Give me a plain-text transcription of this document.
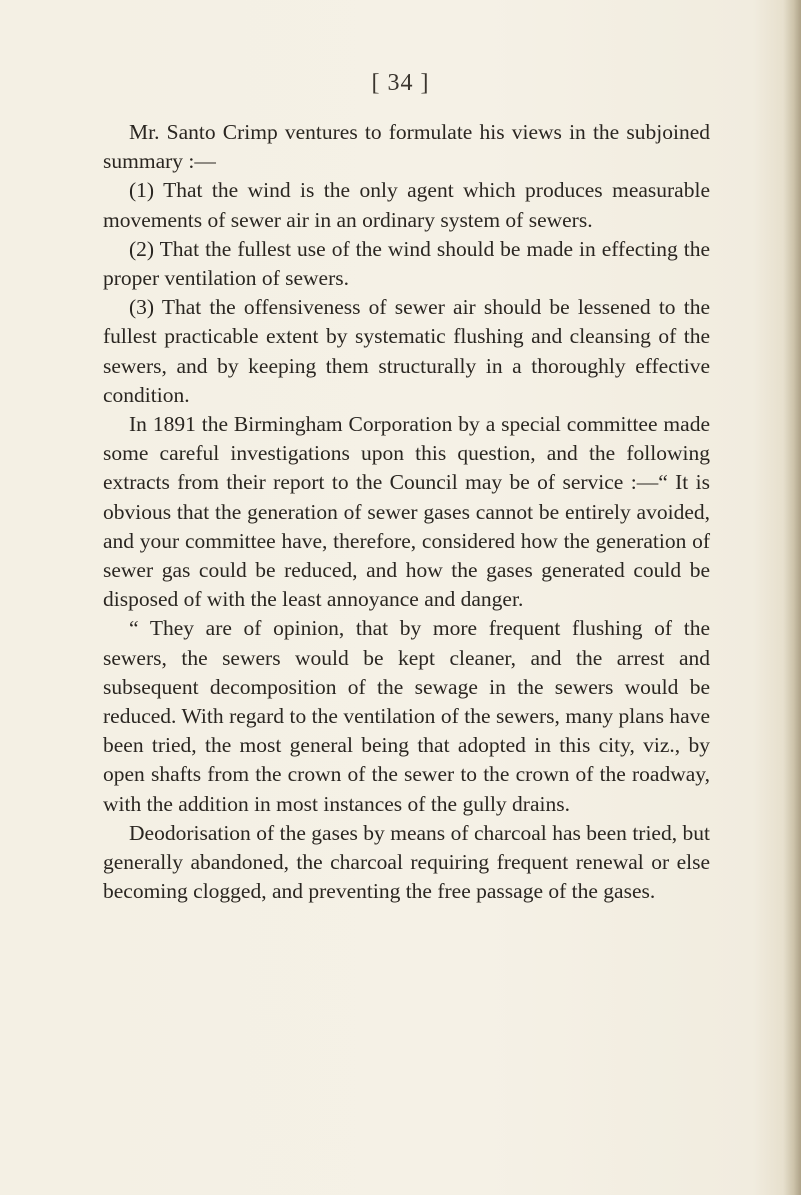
[ 34 ]

Mr. Santo Crimp ventures to formulate his views in the subjoined summary :—

(1) That the wind is the only agent which produces measurable movements of sewer air in an ordinary system of sewers.

(2) That the fullest use of the wind should be made in effecting the proper ventilation of sewers.

(3) That the offensiveness of sewer air should be lessened to the fullest practicable extent by systematic flushing and cleansing of the sewers, and by keeping them structurally in a thoroughly effective condition.

In 1891 the Birmingham Corporation by a special committee made some careful investigations upon this question, and the following extracts from their report to the Council may be of service :—“ It is obvious that the generation of sewer gases cannot be entirely avoided, and your committee have, therefore, considered how the generation of sewer gas could be reduced, and how the gases generated could be disposed of with the least annoyance and danger.

“ They are of opinion, that by more frequent flushing of the sewers, the sewers would be kept cleaner, and the arrest and subsequent decomposition of the sewage in the sewers would be reduced. With regard to the ventilation of the sewers, many plans have been tried, the most general being that adopted in this city, viz., by open shafts from the crown of the sewer to the crown of the roadway, with the addition in most instances of the gully drains.

Deodorisation of the gases by means of charcoal has been tried, but generally abandoned, the charcoal requiring frequent renewal or else becoming clogged, and preventing the free passage of the gases.
